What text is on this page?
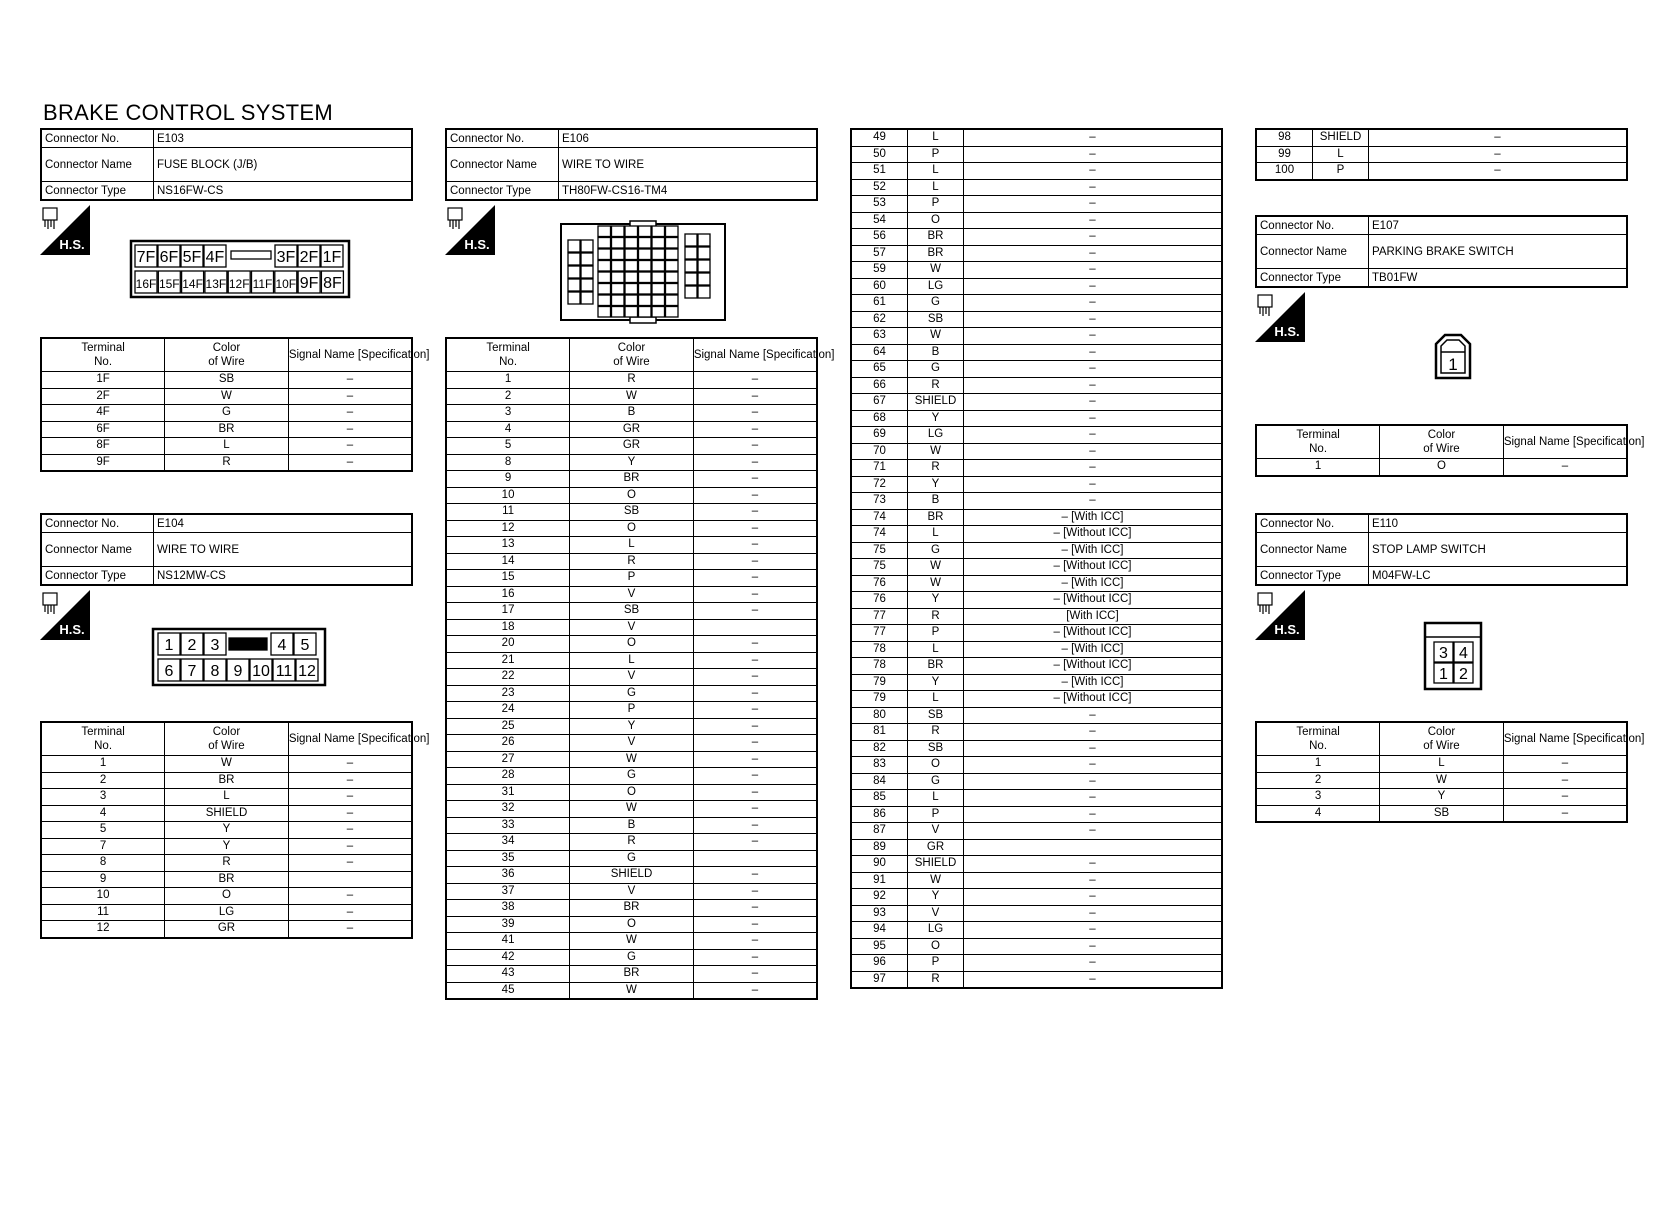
BRAKE CONTROL SYSTEM
Connector No.	E103
Connector Name	FUSE BLOCK (J/B)
Connector Type	NS16FW-CS
H.S.
7F 6F 5F 4F	3F 2F 1F
16F 15F 14F 13F 12F 11F 10F 9F 8F
Terminal
No.	Color
of Wire	Signal Name [Specification]
1F	SB	–
2F	W	–
4F	G	–
6F	BR	–
8F	L	–
9F	R	–
Connector No.	E104
Connector Name	WIRE TO WIRE
Connector Type	NS12MW-CS
H.S.
1 2 3	4 5
6 7 8 9 10 11 12
Terminal
No.	Color
of Wire	Signal Name [Specification]
1	W	–
2	BR	–
3	L	–
4	SHIELD	–
5	Y	–
7	Y	–
8	R	–
9	BR	
10	O	–
11	LG	–
12	GR	–
Connector No.	E106
Connector Name	WIRE TO WIRE
Connector Type	TH80FW-CS16-TM4
H.S.
Terminal
No.	Color
of Wire	Signal Name [Specification]
1	R	–
2	W	–
3	B	–
4	GR	–
5	GR	–
8	Y	–
9	BR	–
10	O	–
11	SB	–
12	O	–
13	L	–
14	R	–
15	P	–
16	V	–
17	SB	–
18	V	
20	O	–
21	L	–
22	V	–
23	G	–
24	P	–
25	Y	–
26	V	–
27	W	–
28	G	–
31	O	–
32	W	–
33	B	–
34	R	–
35	G	
36	SHIELD	–
37	V	–
38	BR	–
39	O	–
41	W	–
42	G	–
43	BR	–
45	W	–
49	L	–
50	P	–
51	L	–
52	L	–
53	P	–
54	O	–
56	BR	–
57	BR	–
59	W	–
60	LG	–
61	G	–
62	SB	–
63	W	–
64	B	–
65	G	–
66	R	–
67	SHIELD	–
68	Y	–
69	LG	–
70	W	–
71	R	–
72	Y	–
73	B	–
74	BR	– [With ICC]
74	L	– [Without ICC]
75	G	– [With ICC]
75	W	– [Without ICC]
76	W	– [With ICC]
76	Y	– [Without ICC]
77	R	[With ICC]
77	P	– [Without ICC]
78	L	– [With ICC]
78	BR	– [Without ICC]
79	Y	– [With ICC]
79	L	– [Without ICC]
80	SB	–
81	R	–
82	SB	–
83	O	–
84	G	–
85	L	–
86	P	–
87	V	–
89	GR	
90	SHIELD	–
91	W	–
92	Y	–
93	V	–
94	LG	–
95	O	–
96	P	–
97	R	–
98	SHIELD	–
99	L	–
100	P	–
Connector No.	E107
Connector Name	PARKING BRAKE SWITCH
Connector Type	TB01FW
H.S.
1
Terminal
No.	Color
of Wire	Signal Name [Specification]
1	O	–
Connector No.	E110
Connector Name	STOP LAMP SWITCH
Connector Type	M04FW-LC
H.S.
3 4
1 2
Terminal
No.	Color
of Wire	Signal Name [Specification]
1	L	–
2	W	–
3	Y	–
4	SB	–
